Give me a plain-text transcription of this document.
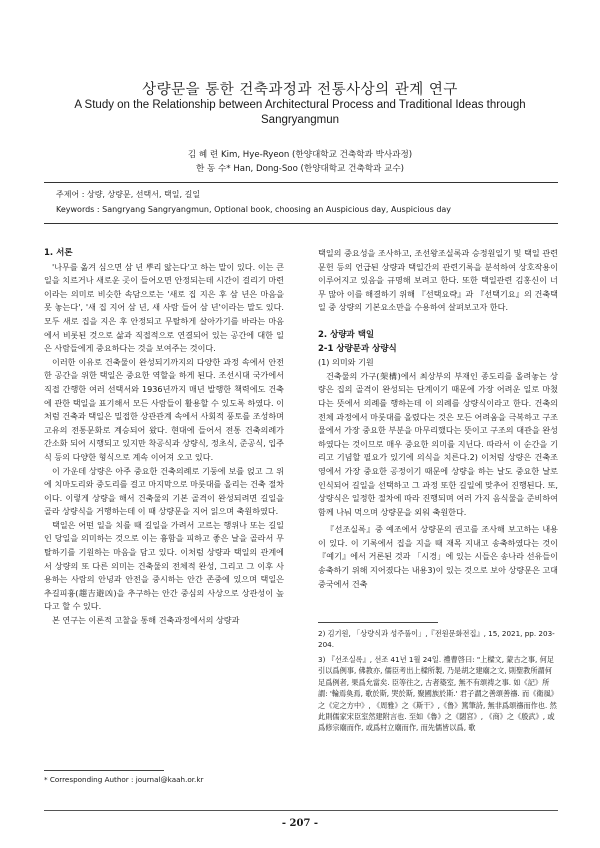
상량문을 통한 건축과정과 전통사상의 관계 연구
A Study on the Relationship between Architectural Process and Traditional Ideas through Sangryangmun
김 혜 련 Kim, Hye-Ryeon (한양대학교 건축학과 박사과정)
한 동 수* Han, Dong-Soo (한양대학교 건축학과 교수)
주제어 : 상량, 상량문, 선택서, 택일, 길일
Keywords : Sangryang Sangryangmun, Optional book, choosing an Auspicious day, Auspicious day

1. 서론

'나무를 옮겨 심으면 삼 년 뿌리 앓는다'고 하는 말이 있다. 이는 큰일을 치르거나 새로운 곳이 들어오면 안정되는데 시간이 걸리기 마련이라는 의미로 비슷한 속담으로는 '새로 집 지은 후 삼 년은 마음을 못 놓는다', '새 집 지어 삼 년, 새 사람 들어 삼 년'이라는 말도 있다. 모두 새로 집을 지은 후 안정되고 무탈하게 살아가기를 바라는 마음에서 비롯된 것으로 삶과 직접적으로 연결되어 있는 공간에 대한 일은 사람들에게 중요하다는 것을 보여주는 것이다.

이러한 이유로 건축물이 완성되기까지의 다양한 과정 속에서 안전한 공간을 위한 택일은 중요한 역할을 하게 된다. 조선시대 국가에서 직접 간행한 여러 선택서와 1936년까지 매년 발행한 책력에도 건축에 관한 택일을 표기해서 모든 사람들이 활용할 수 있도록 하였다. 이처럼 건축과 택일은 밀접한 상관관계 속에서 사회적 풍토를 조성하며 고유의 전통문화로 계승되어 왔다. 현대에 들어서 전통 건축의례가 간소화 되어 시행되고 있지만 착공식과 상량식, 정초식, 준공식, 입주식 등의 다양한 형식으로 계속 이어져 오고 있다.

이 가운데 상량은 아주 중요한 건축의례로 기둥에 보를 얹고 그 위에 치마도리와 중도리를 걸고 마지막으로 마룻대를 올리는 건축 절차이다. 이렇게 상량을 해서 건축물의 기본 골격이 완성되려면 길일을 골라 상량식을 거행하는데 이 때 상량문을 지어 읽으며 축원하였다.

택일은 어떤 일을 치를 때 길일을 가려서 고르는 행위나 또는 길일인 당일을 의미하는 것으로 이는 흉함을 피하고 좋은 날을 골라서 무탈하기를 기원하는 마음을 담고 있다. 이처럼 상량과 택일의 관계에서 상량의 또 다른 의미는 건축물의 전체적 완성, 그리고 그 이후 사용하는 사람의 안녕과 안전을 중시하는 안간 존중에 있으며 택일은 추길피흉(趨吉避凶)을 추구하는 안간 중심의 사상으로 상관성이 높다고 할 수 있다.

본 연구는 이론적 고찰을 통해 건축과정에서의 상량과

택일의 중요성을 조사하고, 조선왕조실록과 승정원일기 및 택일 관련 문헌 등의 언급된 상량과 택일간의 관련기록을 분석하여 상호작용이 이루어지고 있음을 규명해 보려고 한다. 또한 택일관련 김홍신이 너무 많아 이를 해결하기 위해 『선택요략』과 『선택기요』의 건축택일 중 상량의 기본요소만을 수용하여 살펴보고자 한다.

2. 상량과 택일

2-1 상량문과 상량식

(1) 의미와 기원

건축물의 가구(架構)에서 최상부의 부재인 종도리를 올려놓는 상량은 집의 골격이 완성되는 단계이기 때문에 가장 어려운 일로 마쳤다는 뜻에서 의례를 행하는데 이 의례를 상량식이라고 한다. 건축의 전체 과정에서 마룻대를 올렸다는 것은 모든 어려움을 극복하고 구조물에서 가장 중요한 부분을 마무리했다는 뜻이고 구조의 대관을 완성하였다는 것이므로 매우 중요한 의미를 지닌다. 따라서 이 순간을 기리고 기념할 필요가 있기에 의식을 치른다.2) 이처럼 상량은 건축조영에서 가장 중요한 공정이기 때문에 상량을 하는 날도 중요한 날로 인식되어 길일을 선택하고 그 과정 또한 길일에 맞추어 진행된다. 또, 상량식은 일정한 절차에 따라 진행되며 여러 가지 음식물을 준비하여 함께 나눠 먹으며 상량문을 외워 축원한다.

『선조실록』중 예조에서 상량문의 권고를 조사해 보고하는 내용이 있다. 이 기록에서 집을 지을 때 재목 지내고 송축하였다는 것이 『예기』에서 거론된 것과 「시경」에 있는 시들은 송나라 선유들이 송축하기 위해 지어졌다는 내용3)이 있는 것으로 보아 상량문은 고대 중국에서 건축

* Corresponding Author : journal@kaah.or.kr
2) 김기원, 「상량식과 성주풀이」,『전원문화전집』, 15, 2021, pp. 203-204.
3) 『선조실록』, 선조 41년 1월 24일. 禮曹啓曰: "上樑文, 蒙古之事, 何足引以爲例事, 佛教亦, 儒臣考出上樑所製, 乃是胡之建廟之文, 則聖教所謂何足爲例者, 果爲允當矣. 臣等往之, 古者築室, 無不有頌祷之事. 如《記》所謂: '輪焉奐焉, 歌於斯, 哭於斯, 聚國族於斯.' 君子謂之善頌善禱. 而《衛風》之《定之方中》, 《周雅》之《斯干》,《鲁》篤筆詩, 無非爲頌禱而作也. 然此則儒家宋臣室然建附言也. 至如《魯》之《閟宮》, 《商》之《殷武》, 或爲修宗廟而作, 或爲村立廟而作, 而先儒皆以爲, 歌
- 207 -
